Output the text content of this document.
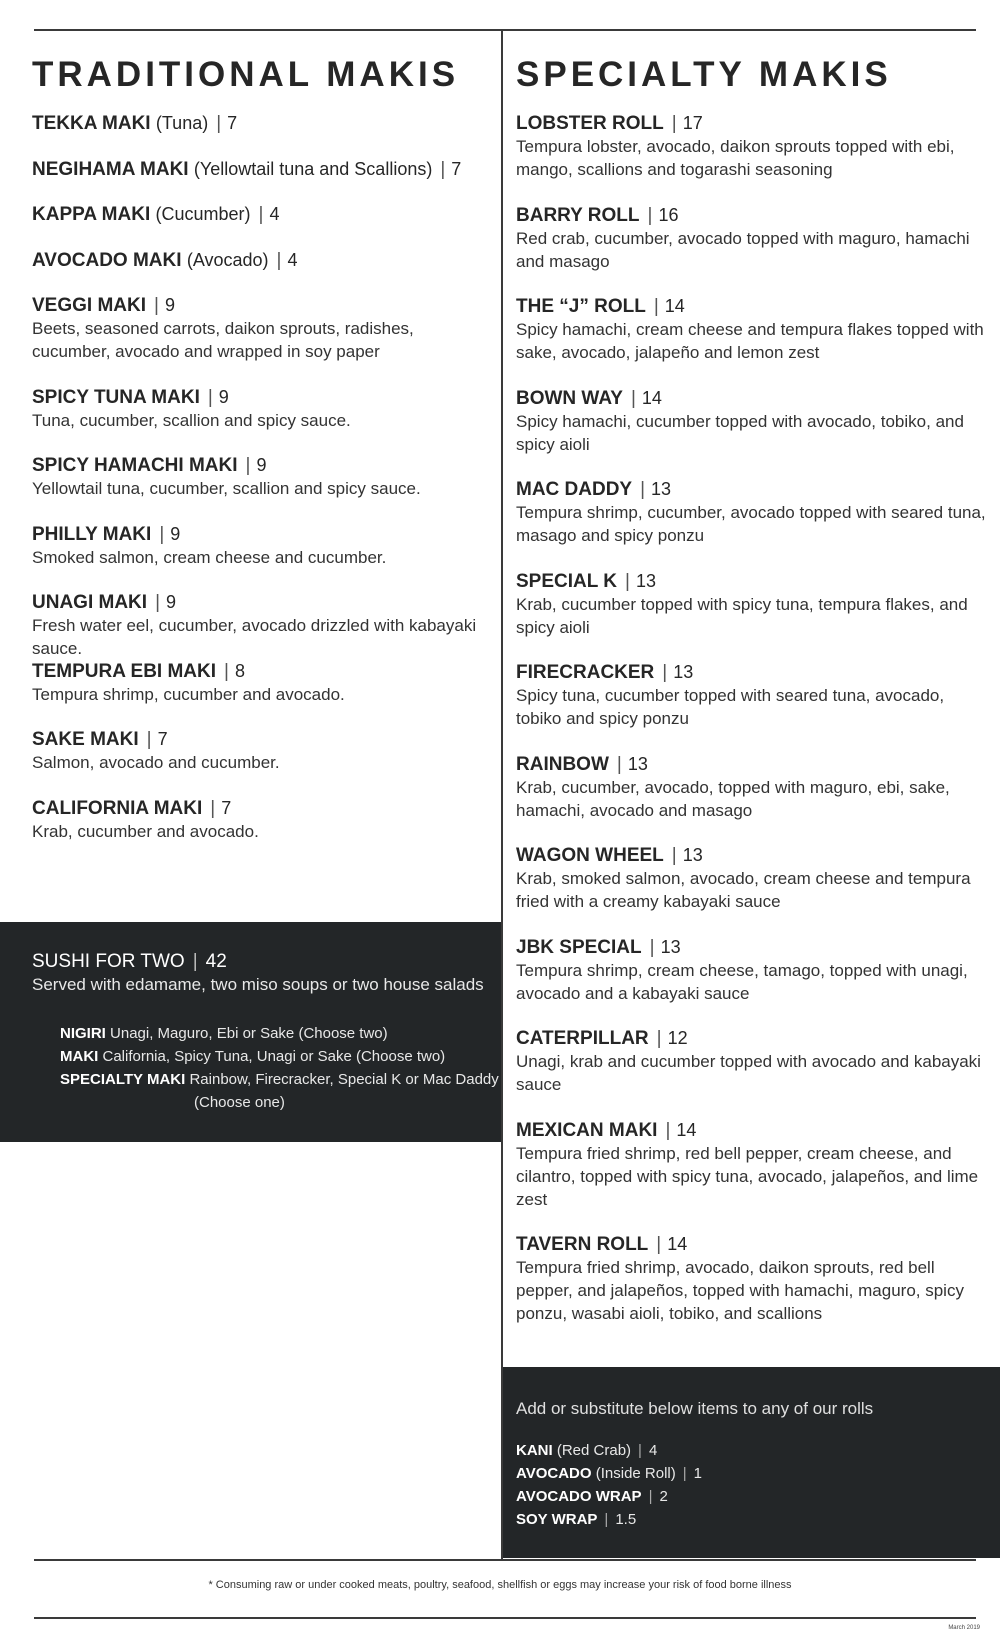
TRADITIONAL MAKIS
TEKKA MAKI (Tuna) | 7
NEGIHAMA MAKI (Yellowtail tuna and Scallions) | 7
KAPPA MAKI (Cucumber) | 4
AVOCADO MAKI (Avocado) | 4
VEGGI MAKI | 9
Beets, seasoned carrots, daikon sprouts, radishes, cucumber, avocado and wrapped in soy paper
SPICY TUNA MAKI | 9
Tuna, cucumber, scallion and spicy sauce.
SPICY HAMACHI MAKI | 9
Yellowtail tuna, cucumber, scallion and spicy sauce.
PHILLY MAKI | 9
Smoked salmon, cream cheese and cucumber.
UNAGI MAKI | 9
Fresh water eel, cucumber, avocado drizzled with kabayaki sauce.
TEMPURA EBI MAKI | 8
Tempura shrimp, cucumber and avocado.
SAKE MAKI | 7
Salmon, avocado and cucumber.
CALIFORNIA MAKI | 7
Krab, cucumber and avocado.
SUSHI FOR TWO | 42
Served with edamame, two miso soups or two house salads
NIGIRI Unagi, Maguro, Ebi or Sake (Choose two)
MAKI California, Spicy Tuna, Unagi or Sake (Choose two)
SPECIALTY MAKI Rainbow, Firecracker, Special K or Mac Daddy
(Choose one)
SPECIALTY MAKIS
LOBSTER ROLL | 17
Tempura lobster, avocado, daikon sprouts topped with ebi, mango, scallions and togarashi seasoning
BARRY ROLL | 16
Red crab, cucumber, avocado topped with maguro, hamachi and masago
THE “J” ROLL | 14
Spicy hamachi, cream cheese and tempura flakes topped with sake, avocado, jalapeño and lemon zest
BOWN WAY | 14
Spicy hamachi, cucumber topped with avocado, tobiko, and spicy aioli
MAC DADDY | 13
Tempura shrimp, cucumber, avocado topped with seared tuna, masago and spicy ponzu
SPECIAL K | 13
Krab, cucumber topped with spicy tuna, tempura flakes, and spicy aioli
FIRECRACKER | 13
Spicy tuna, cucumber topped with seared tuna, avocado, tobiko and spicy ponzu
RAINBOW | 13
Krab, cucumber, avocado, topped with maguro, ebi, sake, hamachi, avocado and masago
WAGON WHEEL | 13
Krab, smoked salmon, avocado, cream cheese and tempura fried with a creamy kabayaki sauce
JBK SPECIAL | 13
Tempura shrimp, cream cheese, tamago, topped with unagi, avocado and a kabayaki sauce
CATERPILLAR | 12
Unagi, krab and cucumber topped with avocado and kabayaki sauce
MEXICAN MAKI | 14
Tempura fried shrimp, red bell pepper, cream cheese, and cilantro, topped with spicy tuna, avocado, jalapeños, and lime zest
TAVERN ROLL | 14
Tempura fried shrimp, avocado, daikon sprouts, red bell pepper, and jalapeños, topped with hamachi, maguro, spicy ponzu, wasabi aioli, tobiko, and scallions
Add or substitute below items to any of our rolls
KANI (Red Crab) | 4
AVOCADO (Inside Roll) | 1
AVOCADO WRAP | 2
SOY WRAP | 1.5
* Consuming raw or under cooked meats, poultry, seafood, shellfish or eggs may increase your risk of food borne illness
March 2019
